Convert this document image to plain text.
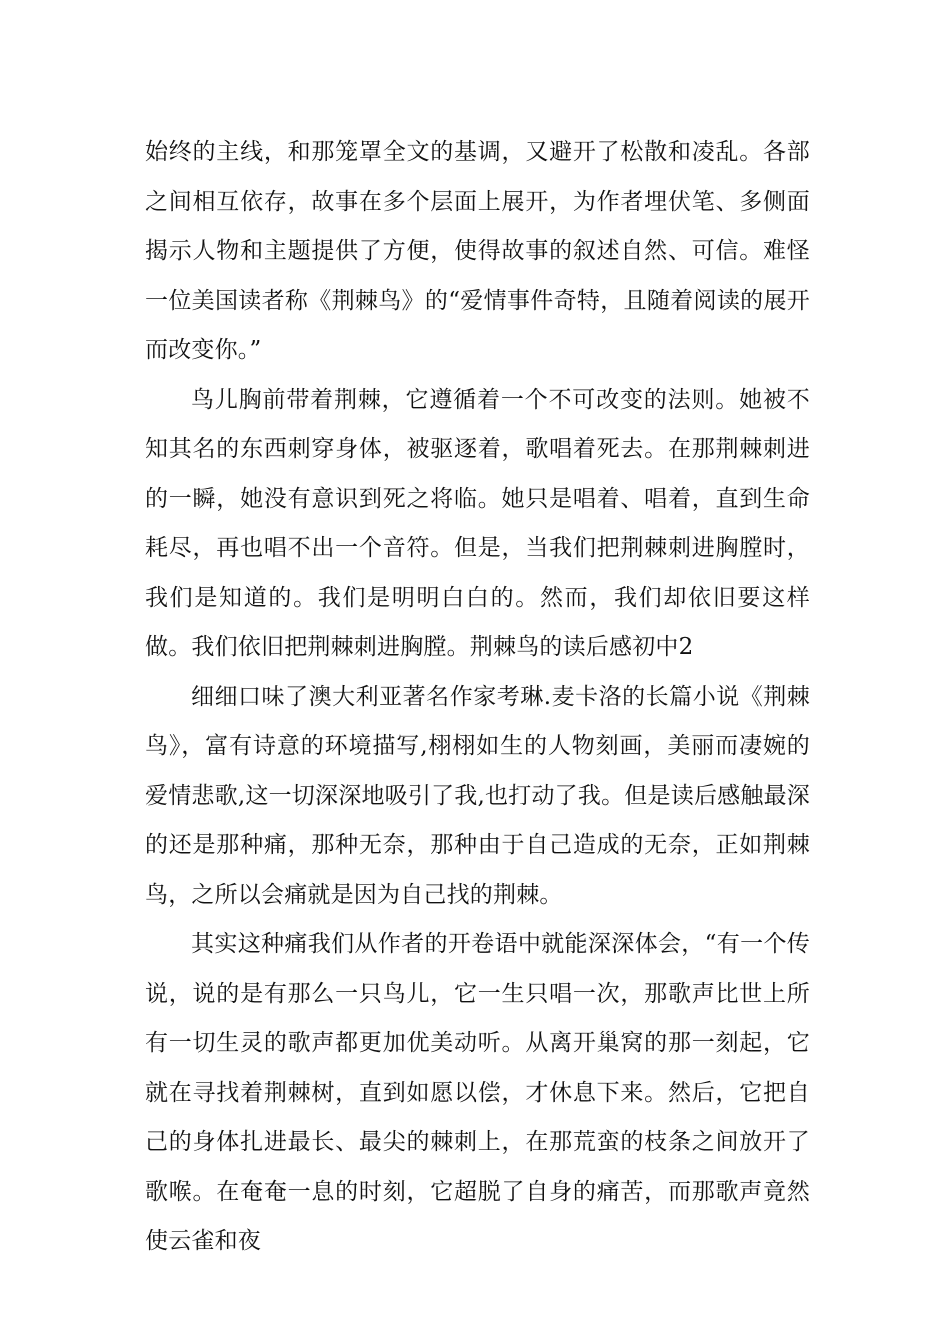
始终的主线，和那笼罩全文的基调，又避开了松散和凌乱。各部之间相互依存，故事在多个层面上展开，为作者埋伏笔、多侧面揭示人物和主题提供了方便，使得故事的叙述自然、可信。难怪一位美国读者称《荆棘鸟》的“爱情事件奇特，且随着阅读的展开而改变你。”

鸟儿胸前带着荆棘，它遵循着一个不可改变的法则。她被不知其名的东西刺穿身体，被驱逐着，歌唱着死去。在那荆棘刺进的一瞬，她没有意识到死之将临。她只是唱着、唱着，直到生命耗尽，再也唱不出一个音符。但是，当我们把荆棘刺进胸膛时，我们是知道的。我们是明明白白的。然而，我们却依旧要这样做。我们依旧把荆棘刺进胸膛。荆棘鸟的读后感初中2

细细口味了澳大利亚著名作家考琳.麦卡洛的长篇小说《荆棘鸟》，富有诗意的环境描写,栩栩如生的人物刻画，美丽而凄婉的爱情悲歌,这一切深深地吸引了我,也打动了我。但是读后感触最深的还是那种痛，那种无奈，那种由于自己造成的无奈，正如荆棘鸟，之所以会痛就是因为自己找的荆棘。

其实这种痛我们从作者的开卷语中就能深深体会，“有一个传说，说的是有那么一只鸟儿，它一生只唱一次，那歌声比世上所有一切生灵的歌声都更加优美动听。从离开巢窝的那一刻起，它就在寻找着荆棘树，直到如愿以偿，才休息下来。然后，它把自己的身体扎进最长、最尖的棘刺上，在那荒蛮的枝条之间放开了歌喉。在奄奄一息的时刻，它超脱了自身的痛苦，而那歌声竟然使云雀和夜
